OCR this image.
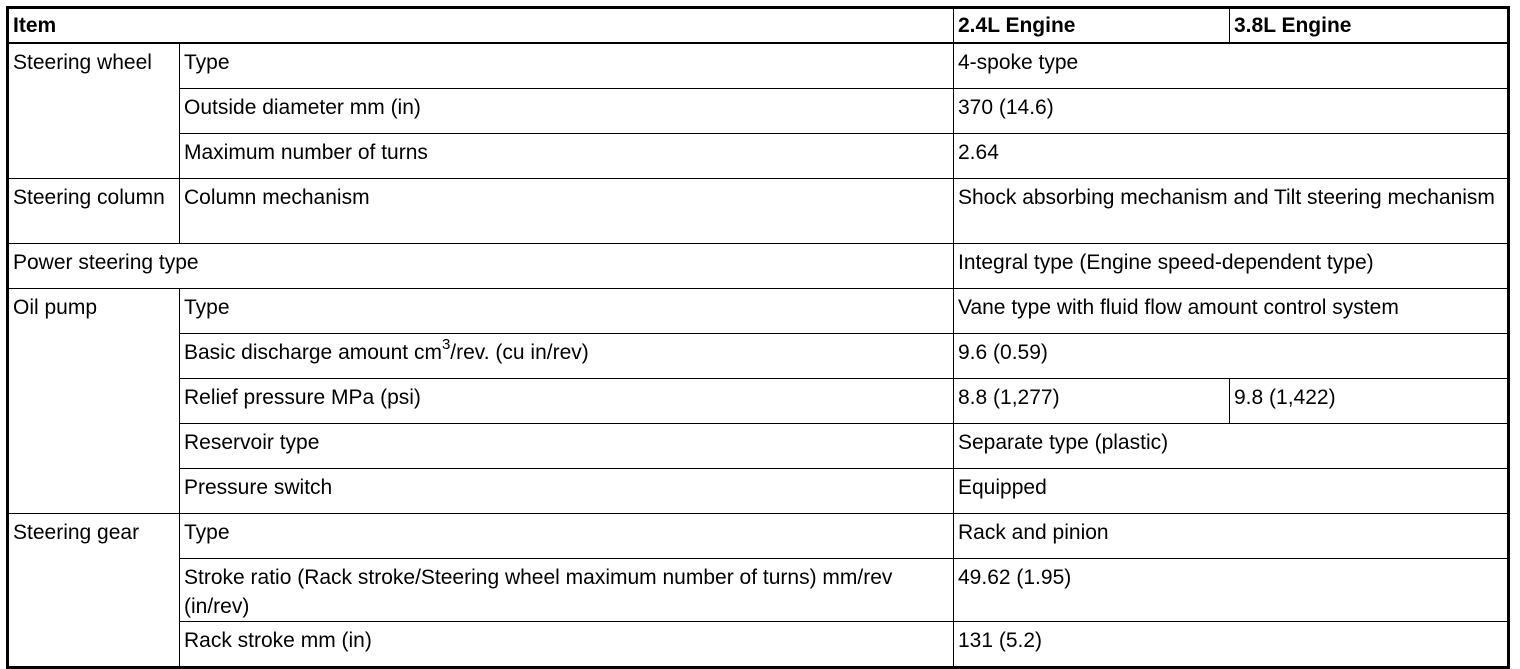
Item		2.4L Engine	3.8L Engine
Steering wheel	Type	4-spoke type	
	Outside diameter mm (in)	370 (14.6)	
	Maximum number of turns	2.64	
Steering column	Column mechanism	Shock absorbing mechanism and Tilt steering mechanism	
Power steering type		Integral type (Engine speed-dependent type)	
Oil pump	Type	Vane type with fluid flow amount control system	
	Basic discharge amount $cm^3$/rev. (cu in/rev)	9.6 (0.59)	
	Relief pressure MPa (psi)	8.8 (1,277)	9.8 (1,422)
	Reservoir type	Separate type (plastic)	
	Pressure switch	Equipped	
Steering gear	Type	Rack and pinion	
	Stroke ratio (Rack stroke/Steering wheel maximum number of turns) mm/rev (in/rev)	49.62 (1.95)	
	Rack stroke mm (in)	131 (5.2)	
